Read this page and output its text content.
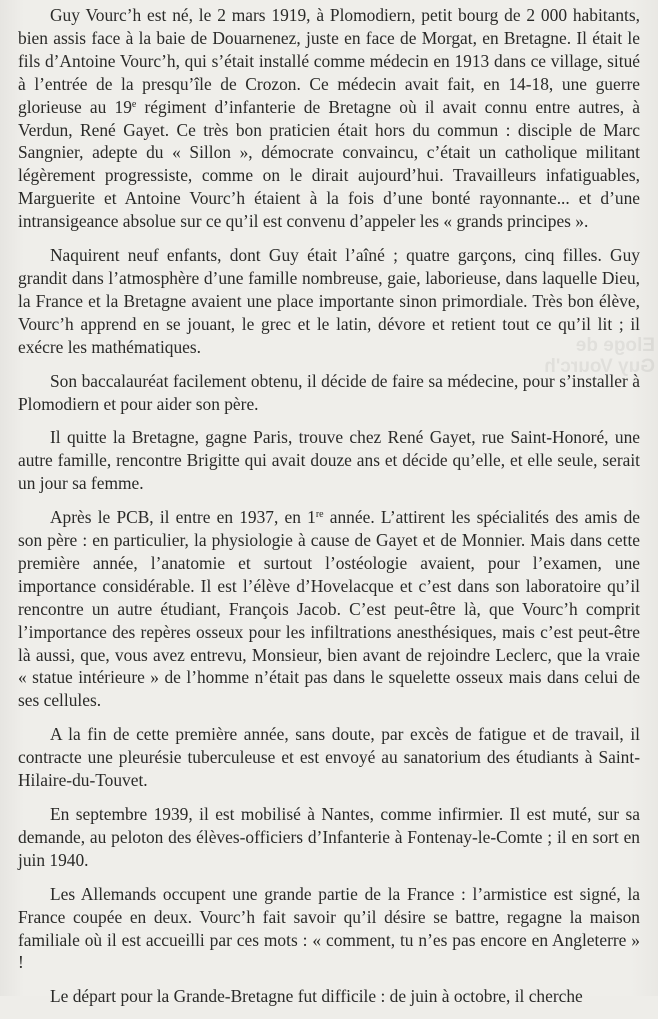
Eloge de
Guy Vourc'h

Guy Vourc’h est né, le 2 mars 1919, à Plomodiern, petit bourg de 2 000 habitants, bien assis face à la baie de Douarnenez, juste en face de Morgat, en Bretagne. Il était le fils d’Antoine Vourc’h, qui s’était installé comme médecin en 1913 dans ce village, situé à l’entrée de la presqu’île de Crozon. Ce médecin avait fait, en 14-18, une guerre glorieuse au 19e régiment d’infanterie de Bretagne où il avait connu entre autres, à Verdun, René Gayet. Ce très bon praticien était hors du commun : disciple de Marc Sangnier, adepte du « Sillon », démocrate convaincu, c’était un catholique militant légèrement progressiste, comme on le dirait aujourd’hui. Travailleurs infatiguables, Marguerite et Antoine Vourc’h étaient à la fois d’une bonté rayonnante... et d’une intransigeance absolue sur ce qu’il est convenu d’appeler les « grands principes ».

Naquirent neuf enfants, dont Guy était l’aîné ; quatre garçons, cinq filles. Guy grandit dans l’atmosphère d’une famille nombreuse, gaie, laborieuse, dans laquelle Dieu, la France et la Bretagne avaient une place importante sinon primordiale. Très bon élève, Vourc’h apprend en se jouant, le grec et le latin, dévore et retient tout ce qu’il lit ; il exécre les mathématiques.

Son baccalauréat facilement obtenu, il décide de faire sa médecine, pour s’installer à Plomodiern et pour aider son père.

Il quitte la Bretagne, gagne Paris, trouve chez René Gayet, rue Saint-Honoré, une autre famille, rencontre Brigitte qui avait douze ans et décide qu’elle, et elle seule, serait un jour sa femme.

Après le PCB, il entre en 1937, en 1re année. L’attirent les spécialités des amis de son père : en particulier, la physiologie à cause de Gayet et de Monnier. Mais dans cette première année, l’anatomie et surtout l’ostéologie avaient, pour l’examen, une importance considérable. Il est l’élève d’Hovelacque et c’est dans son laboratoire qu’il rencontre un autre étudiant, François Jacob. C’est peut-être là, que Vourc’h comprit l’importance des repères osseux pour les infiltrations anesthésiques, mais c’est peut-être là aussi, que, vous avez entrevu, Monsieur, bien avant de rejoindre Leclerc, que la vraie « statue intérieure » de l’homme n’était pas dans le squelette osseux mais dans celui de ses cellules.

A la fin de cette première année, sans doute, par excès de fatigue et de travail, il contracte une pleurésie tuberculeuse et est envoyé au sanatorium des étudiants à Saint-Hilaire-du-Touvet.

En septembre 1939, il est mobilisé à Nantes, comme infirmier. Il est muté, sur sa demande, au peloton des élèves-officiers d’Infanterie à Fontenay-le-Comte ; il en sort en juin 1940.

Les Allemands occupent une grande partie de la France : l’armistice est signé, la France coupée en deux. Vourc’h fait savoir qu’il désire se battre, regagne la maison familiale où il est accueilli par ces mots : « comment, tu n’es pas encore en Angleterre » !

Le départ pour la Grande-Bretagne fut difficile : de juin à octobre, il cherche
